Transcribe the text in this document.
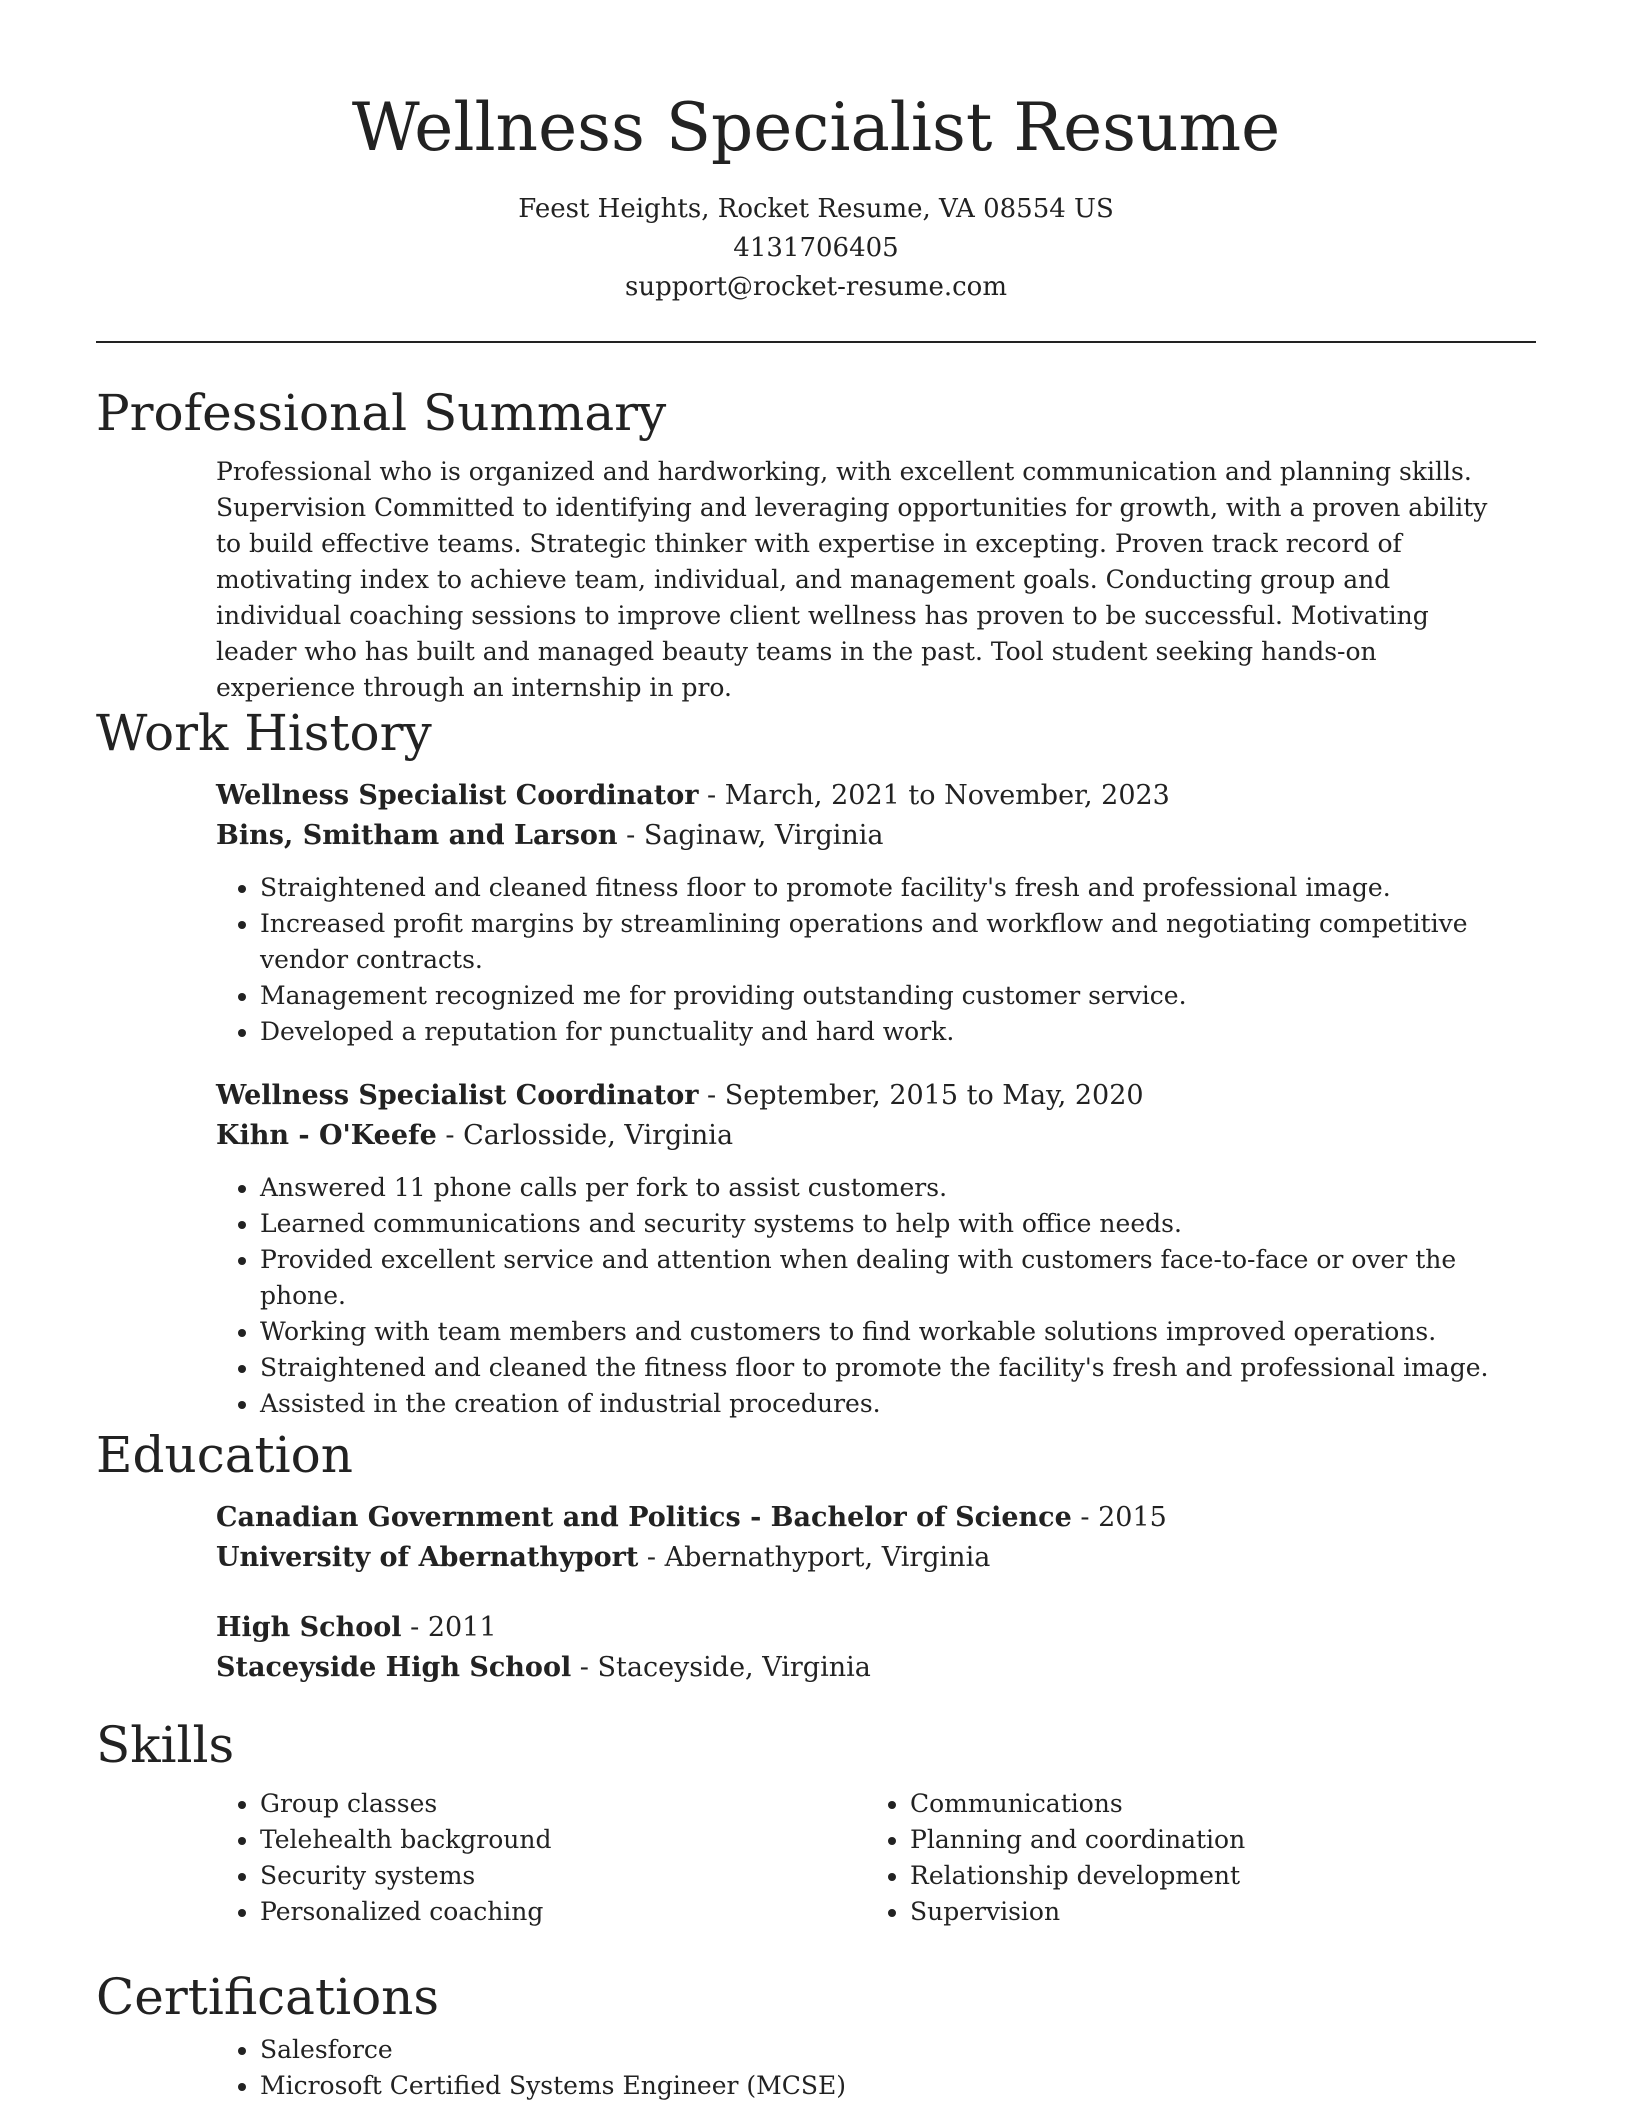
Wellness Specialist Resume
Feest Heights, Rocket Resume, VA 08554 US
4131706405
support@rocket-resume.com
Professional Summary

Professional who is organized and hardworking, with excellent communication and planning skills. Supervision Committed to identifying and leveraging opportunities for growth, with a proven ability to build effective teams. Strategic thinker with expertise in excepting. Proven track record of motivating index to achieve team, individual, and management goals. Conducting group and individual coaching sessions to improve client wellness has proven to be successful. Motivating leader who has built and managed beauty teams in the past. Tool student seeking hands-on experience through an internship in pro.

Work History
Wellness Specialist Coordinator - March, 2021 to November, 2023
Bins, Smitham and Larson - Saginaw, Virginia
• Straightened and cleaned fitness floor to promote facility's fresh and professional image.
• Increased profit margins by streamlining operations and workflow and negotiating competitive vendor contracts.
• Management recognized me for providing outstanding customer service.
• Developed a reputation for punctuality and hard work.
Wellness Specialist Coordinator - September, 2015 to May, 2020
Kihn - O'Keefe - Carlosside, Virginia
• Answered 11 phone calls per fork to assist customers.
• Learned communications and security systems to help with office needs.
• Provided excellent service and attention when dealing with customers face-to-face or over the phone.
• Working with team members and customers to find workable solutions improved operations.
• Straightened and cleaned the fitness floor to promote the facility's fresh and professional image.
• Assisted in the creation of industrial procedures.
Education
Canadian Government and Politics - Bachelor of Science - 2015
University of Abernathyport - Abernathyport, Virginia
High School - 2011
Staceyside High School - Staceyside, Virginia
Skills
• Group classes
• Telehealth background
• Security systems
• Personalized coaching
• Communications
• Planning and coordination
• Relationship development
• Supervision
Certifications
• Salesforce
• Microsoft Certified Systems Engineer (MCSE)
